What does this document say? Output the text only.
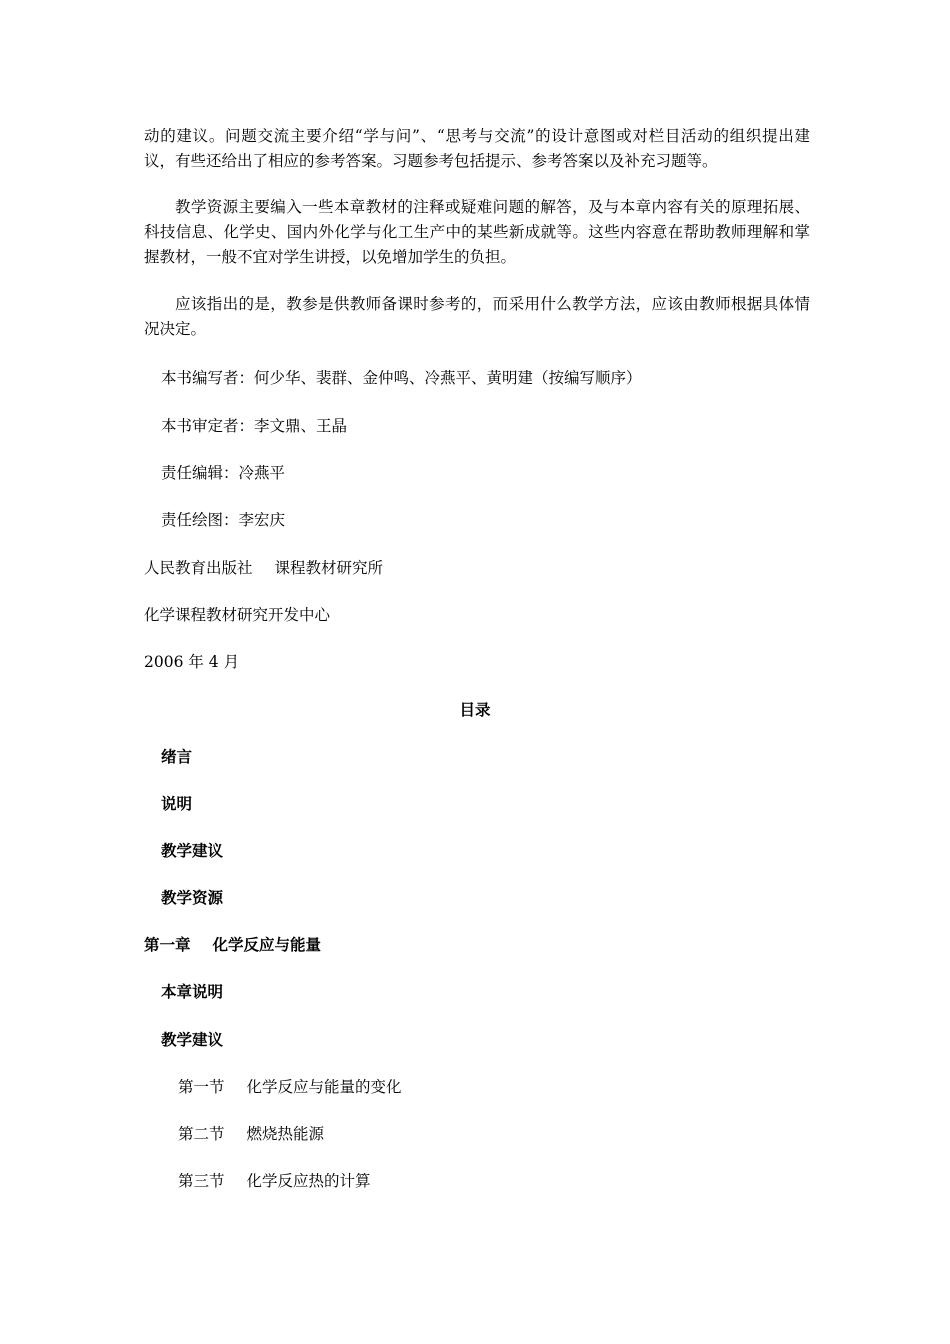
动的建议。问题交流主要介绍“学与问”、“思考与交流”的设计意图或对栏目活动的组织提出建议，有些还给出了相应的参考答案。习题参考包括提示、参考答案以及补充习题等。
教学资源主要编入一些本章教材的注释或疑难问题的解答，及与本章内容有关的原理拓展、科技信息、化学史、国内外化学与化工生产中的某些新成就等。这些内容意在帮助教师理解和掌握教材，一般不宜对学生讲授，以免增加学生的负担。
应该指出的是，教参是供教师备课时参考的，而采用什么教学方法，应该由教师根据具体情况决定。
本书编写者：何少华、裴群、金仲鸣、冷燕平、黄明建（按编写顺序）
本书审定者：李文鼎、王晶
责任编辑：冷燕平
责任绘图：李宏庆
人民教育出版社 课程教材研究所
化学课程教材研究开发中心
2006 年 4 月
目录
绪言
说明
教学建议
教学资源
第一章 化学反应与能量
本章说明
教学建议
第一节 化学反应与能量的变化
第二节 燃烧热能源
第三节 化学反应热的计算
